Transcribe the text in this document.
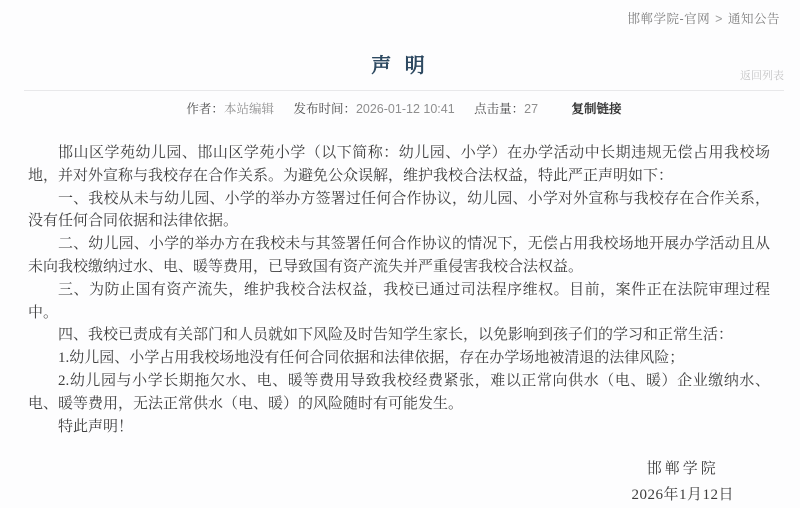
邯郸学院-官网 > 通知公告
声 明	返回列表
作者：本站编辑 发布时间：2026-01-12 10:41 点击量：27	复制链接

邯山区学苑幼儿园、邯山区学苑小学（以下简称：幼儿园、小学）在办学活动中长期违规无偿占用我校场地，并对外宣称与我校存在合作关系。为避免公众误解，维护我校合法权益，特此严正声明如下：

一、我校从未与幼儿园、小学的举办方签署过任何合作协议，幼儿园、小学对外宣称与我校存在合作关系，没有任何合同依据和法律依据。

二、幼儿园、小学的举办方在我校未与其签署任何合作协议的情况下，无偿占用我校场地开展办学活动且从未向我校缴纳过水、电、暖等费用，已导致国有资产流失并严重侵害我校合法权益。

三、为防止国有资产流失，维护我校合法权益，我校已通过司法程序维权。目前，案件正在法院审理过程中。

四、我校已责成有关部门和人员就如下风险及时告知学生家长，以免影响到孩子们的学习和正常生活：

1.幼儿园、小学占用我校场地没有任何合同依据和法律依据，存在办学场地被清退的法律风险；

2.幼儿园与小学长期拖欠水、电、暖等费用导致我校经费紧张，难以正常向供水（电、暖）企业缴纳水、电、暖等费用，无法正常供水（电、暖）的风险随时有可能发生。

特此声明！

邯郸学院
2026年1月12日
